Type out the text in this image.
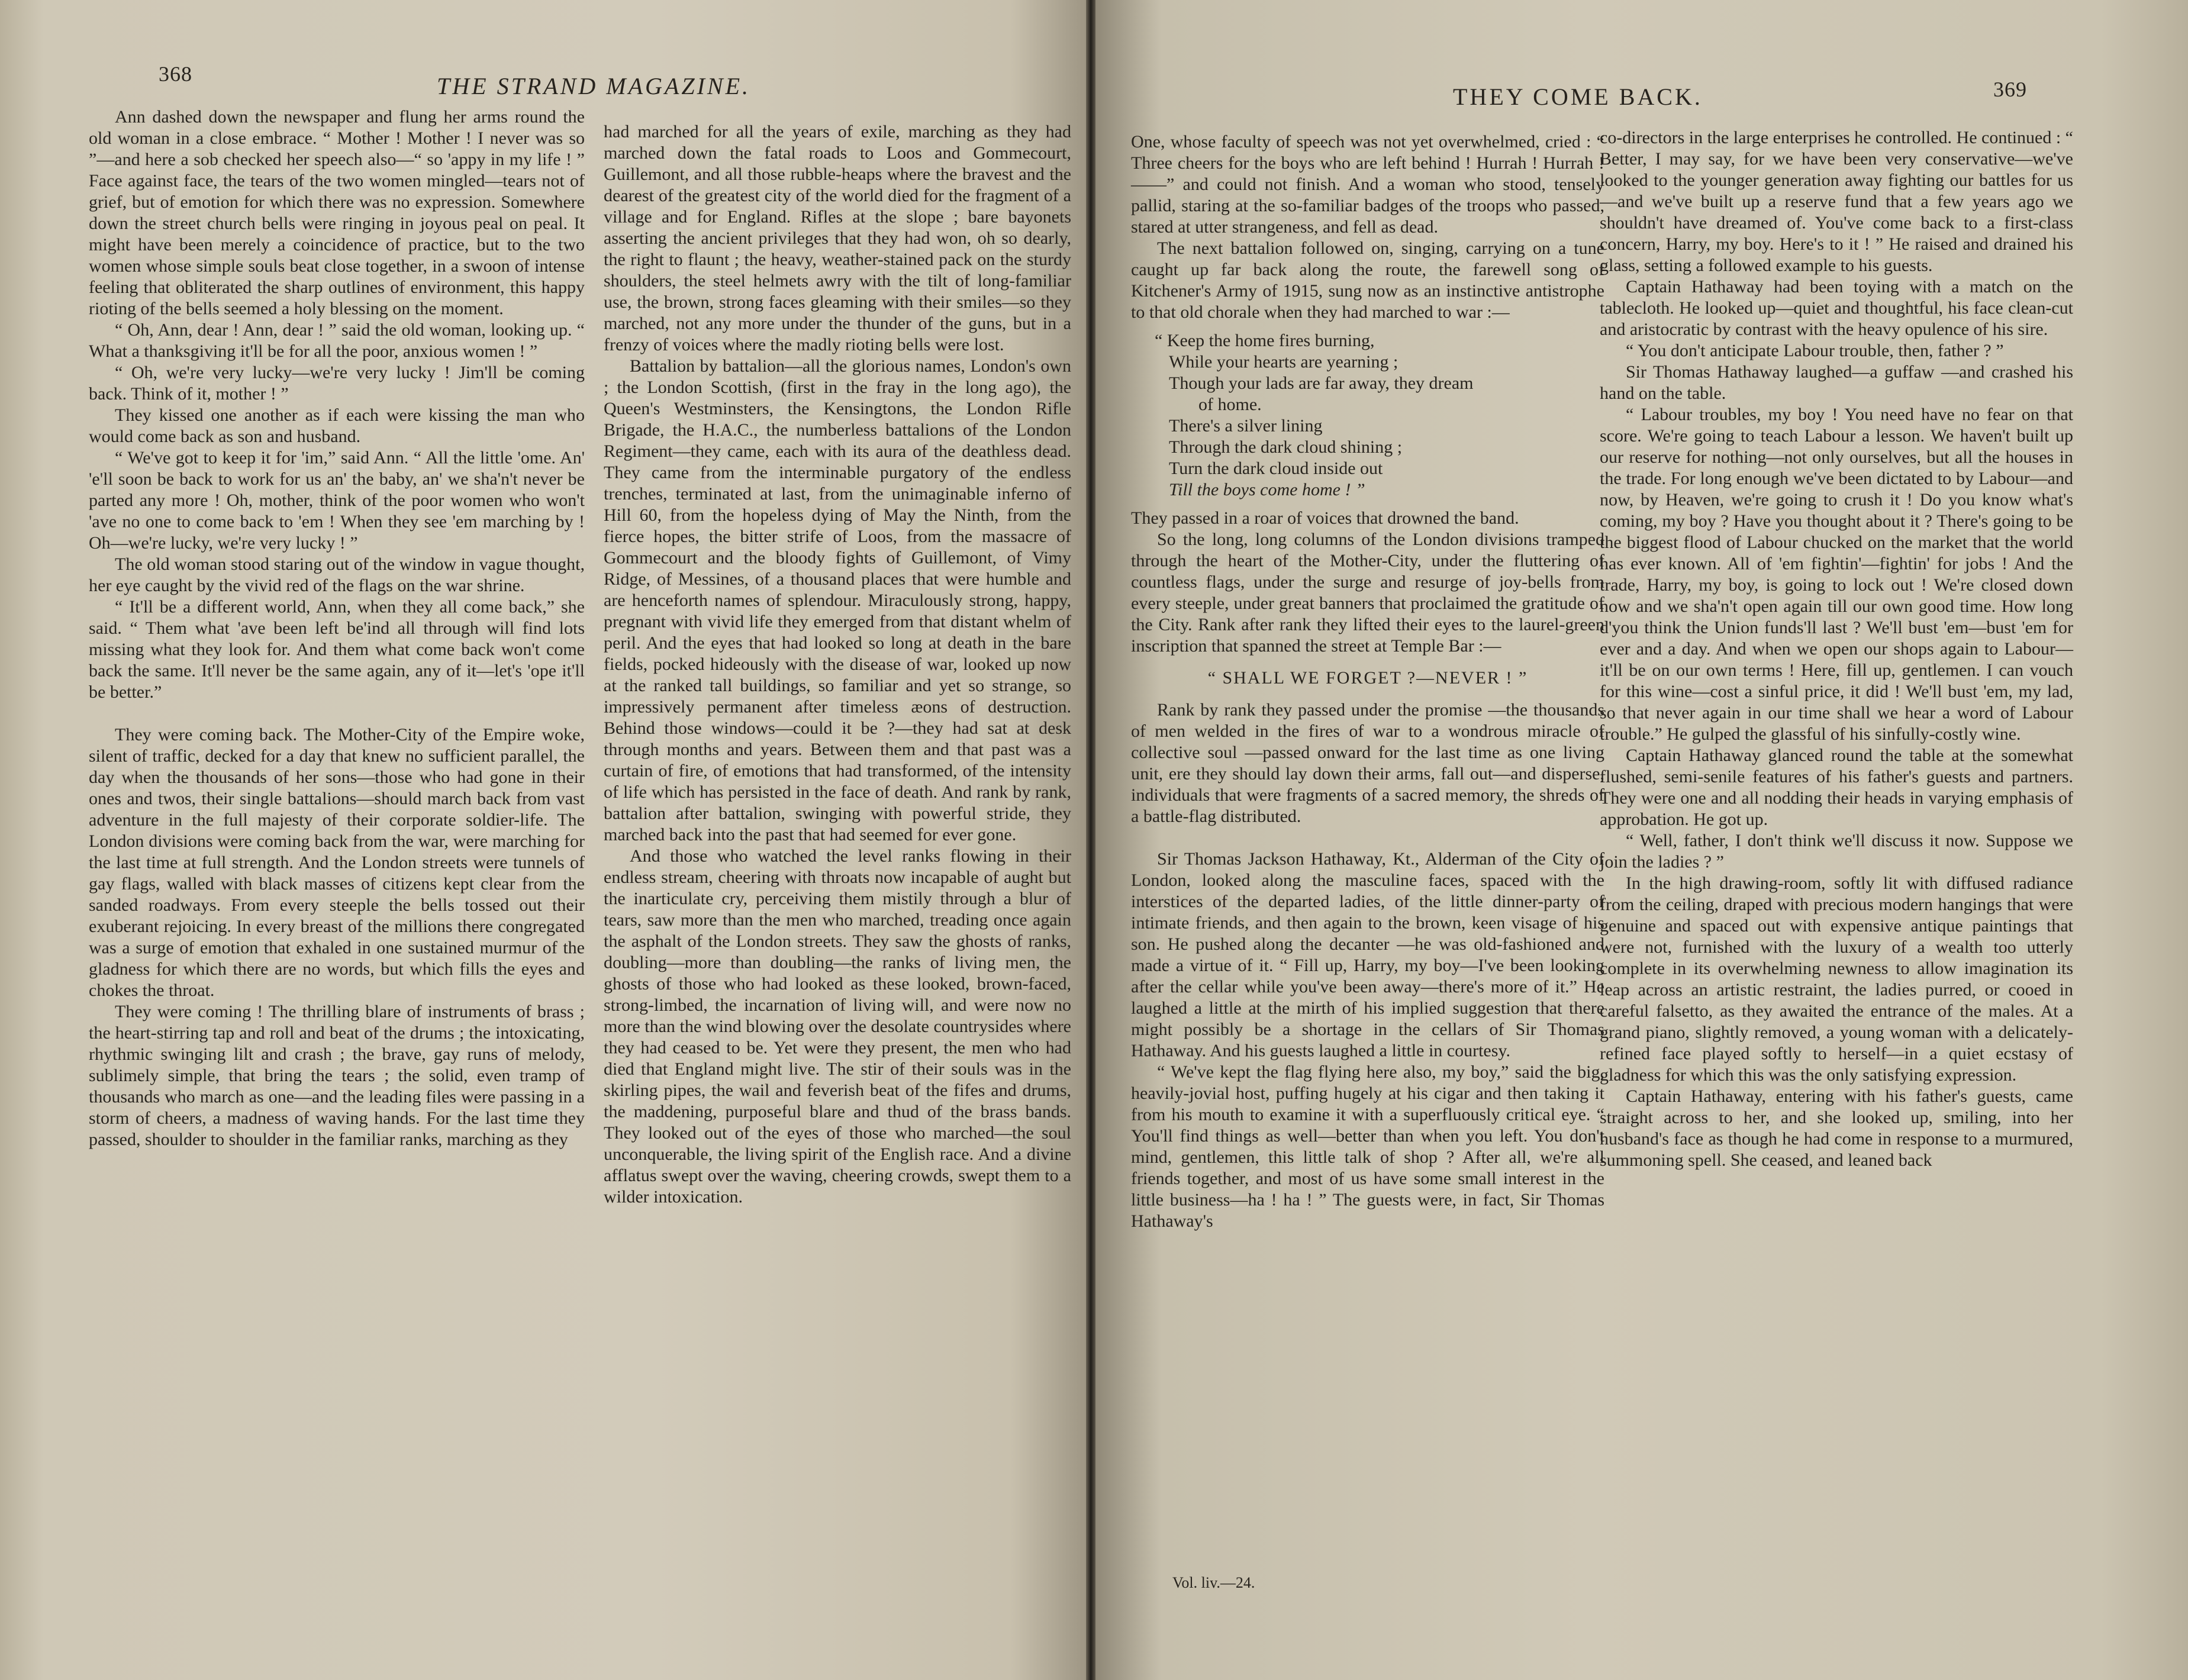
368	THE STRAND MAGAZINE.

Ann dashed down the newspaper and flung her arms round the old woman in a close embrace. “ Mother ! Mother ! I never was so ”—and here a sob checked her speech also—“ so 'appy in my life ! ” Face against face, the tears of the two women mingled—tears not of grief, but of emotion for which there was no expression. Somewhere down the street church bells were ringing in joyous peal on peal. It might have been merely a coincidence of practice, but to the two women whose simple souls beat close together, in a swoon of intense feeling that obliterated the sharp outlines of environment, this happy rioting of the bells seemed a holy blessing on the moment.

“ Oh, Ann, dear ! Ann, dear ! ” said the old woman, looking up. “ What a thanksgiving it'll be for all the poor, anxious women ! ”

“ Oh, we're very lucky—we're very lucky ! Jim'll be coming back. Think of it, mother ! ”

They kissed one another as if each were kissing the man who would come back as son and husband.

“ We've got to keep it for 'im,” said Ann. “ All the little 'ome. An' 'e'll soon be back to work for us an' the baby, an' we sha'n't never be parted any more ! Oh, mother, think of the poor women who won't 'ave no one to come back to 'em ! When they see 'em marching by ! Oh—we're lucky, we're very lucky ! ”

The old woman stood staring out of the window in vague thought, her eye caught by the vivid red of the flags on the war shrine.

“ It'll be a different world, Ann, when they all come back,” she said. “ Them what 'ave been left be'ind all through will find lots missing what they look for. And them what come back won't come back the same. It'll never be the same again, any of it—let's 'ope it'll be better.”

They were coming back. The Mother-City of the Empire woke, silent of traffic, decked for a day that knew no sufficient parallel, the day when the thousands of her sons—those who had gone in their ones and twos, their single battalions—should march back from vast adventure in the full majesty of their corporate soldier-life. The London divisions were coming back from the war, were marching for the last time at full strength. And the London streets were tunnels of gay flags, walled with black masses of citizens kept clear from the sanded roadways. From every steeple the bells tossed out their exuberant rejoicing. In every breast of the millions there congregated was a surge of emotion that exhaled in one sustained murmur of the gladness for which there are no words, but which fills the eyes and chokes the throat.

They were coming ! The thrilling blare of instruments of brass ; the heart-stirring tap and roll and beat of the drums ; the intoxicating, rhythmic swinging lilt and crash ; the brave, gay runs of melody, sublimely simple, that bring the tears ; the solid, even tramp of thousands who march as one—and the leading files were passing in a storm of cheers, a madness of waving hands. For the last time they passed, shoulder to shoulder in the familiar ranks, marching as they

had marched for all the years of exile, marching as they had marched down the fatal roads to Loos and Gommecourt, Guillemont, and all those rubble-heaps where the bravest and the dearest of the greatest city of the world died for the fragment of a village and for England. Rifles at the slope ; bare bayonets asserting the ancient privileges that they had won, oh so dearly, the right to flaunt ; the heavy, weather-stained pack on the sturdy shoulders, the steel helmets awry with the tilt of long-familiar use, the brown, strong faces gleaming with their smiles—so they marched, not any more under the thunder of the guns, but in a frenzy of voices where the madly rioting bells were lost.

Battalion by battalion—all the glorious names, London's own ; the London Scottish, (first in the fray in the long ago), the Queen's Westminsters, the Kensingtons, the London Rifle Brigade, the H.A.C., the numberless battalions of the London Regiment—they came, each with its aura of the deathless dead. They came from the interminable purgatory of the endless trenches, terminated at last, from the unimaginable inferno of Hill 60, from the hopeless dying of May the Ninth, from the fierce hopes, the bitter strife of Loos, from the massacre of Gommecourt and the bloody fights of Guillemont, of Vimy Ridge, of Messines, of a thousand places that were humble and are henceforth names of splendour. Miraculously strong, happy, pregnant with vivid life they emerged from that distant whelm of peril. And the eyes that had looked so long at death in the bare fields, pocked hideously with the disease of war, looked up now at the ranked tall buildings, so familiar and yet so strange, so impressively permanent after timeless æons of destruction. Behind those windows—could it be ?—they had sat at desk through months and years. Between them and that past was a curtain of fire, of emotions that had transformed, of the intensity of life which has persisted in the face of death. And rank by rank, battalion after battalion, swinging with powerful stride, they marched back into the past that had seemed for ever gone.

And those who watched the level ranks flowing in their endless stream, cheering with throats now incapable of aught but the inarticulate cry, perceiving them mistily through a blur of tears, saw more than the men who marched, treading once again the asphalt of the London streets. They saw the ghosts of ranks, doubling—more than doubling—the ranks of living men, the ghosts of those who had looked as these looked, brown-faced, strong-limbed, the incarnation of living will, and were now no more than the wind blowing over the desolate countrysides where they had ceased to be. Yet were they present, the men who had died that England might live. The stir of their souls was in the skirling pipes, the wail and feverish beat of the fifes and drums, the maddening, purposeful blare and thud of the brass bands. They looked out of the eyes of those who marched—the soul unconquerable, the living spirit of the English race. And a divine afflatus swept over the waving, cheering crowds, swept them to a wilder intoxication.

THEY COME BACK.	369

One, whose faculty of speech was not yet overwhelmed, cried : “ Three cheers for the boys who are left behind ! Hurrah ! Hurrah !——” and could not finish. And a woman who stood, tensely pallid, staring at the so-familiar badges of the troops who passed, stared at utter strangeness, and fell as dead.

The next battalion followed on, singing, carrying on a tune caught up far back along the route, the farewell song of Kitchener's Army of 1915, sung now as an instinctive antistrophe to that old chorale when they had marched to war :—

“ Keep the home fires burning,
While your hearts are yearning ;
Though your lads are far away, they dream
of home.
There's a silver lining
Through the dark cloud shining ;
Turn the dark cloud inside out
Till the boys come home ! ”

They passed in a roar of voices that drowned the band.

So the long, long columns of the London divisions tramped through the heart of the Mother-City, under the fluttering of countless flags, under the surge and resurge of joy-bells from every steeple, under great banners that proclaimed the gratitude of the City. Rank after rank they lifted their eyes to the laurel-green inscription that spanned the street at Temple Bar :—

“ SHALL WE FORGET ?—NEVER ! ”

Rank by rank they passed under the promise —the thousands of men welded in the fires of war to a wondrous miracle of collective soul —passed onward for the last time as one living unit, ere they should lay down their arms, fall out—and disperse, individuals that were fragments of a sacred memory, the shreds of a battle-flag distributed.

Sir Thomas Jackson Hathaway, Kt., Alderman of the City of London, looked along the masculine faces, spaced with the interstices of the departed ladies, of the little dinner-party of intimate friends, and then again to the brown, keen visage of his son. He pushed along the decanter —he was old-fashioned and made a virtue of it. “ Fill up, Harry, my boy—I've been looking after the cellar while you've been away—there's more of it.” He laughed a little at the mirth of his implied suggestion that there might possibly be a shortage in the cellars of Sir Thomas Hathaway. And his guests laughed a little in courtesy.

“ We've kept the flag flying here also, my boy,” said the big, heavily-jovial host, puffing hugely at his cigar and then taking it from his mouth to examine it with a superfluously critical eye. “ You'll find things as well—better than when you left. You don't mind, gentlemen, this little talk of shop ? After all, we're all friends together, and most of us have some small interest in the little business—ha ! ha ! ” The guests were, in fact, Sir Thomas Hathaway's

co-directors in the large enterprises he controlled. He continued : “ Better, I may say, for we have been very conservative—we've looked to the younger generation away fighting our battles for us—and we've built up a reserve fund that a few years ago we shouldn't have dreamed of. You've come back to a first-class concern, Harry, my boy. Here's to it ! ” He raised and drained his glass, setting a followed example to his guests.

Captain Hathaway had been toying with a match on the tablecloth. He looked up—quiet and thoughtful, his face clean-cut and aristocratic by contrast with the heavy opulence of his sire.

“ You don't anticipate Labour trouble, then, father ? ”

Sir Thomas Hathaway laughed—a guffaw —and crashed his hand on the table.

“ Labour troubles, my boy ! You need have no fear on that score. We're going to teach Labour a lesson. We haven't built up our reserve for nothing—not only ourselves, but all the houses in the trade. For long enough we've been dictated to by Labour—and now, by Heaven, we're going to crush it ! Do you know what's coming, my boy ? Have you thought about it ? There's going to be the biggest flood of Labour chucked on the market that the world has ever known. All of 'em fightin'—fightin' for jobs ! And the trade, Harry, my boy, is going to lock out ! We're closed down now and we sha'n't open again till our own good time. How long d'you think the Union funds'll last ? We'll bust 'em—bust 'em for ever and a day. And when we open our shops again to Labour—it'll be on our own terms ! Here, fill up, gentlemen. I can vouch for this wine—cost a sinful price, it did ! We'll bust 'em, my lad, so that never again in our time shall we hear a word of Labour trouble.” He gulped the glassful of his sinfully-costly wine.

Captain Hathaway glanced round the table at the somewhat flushed, semi-senile features of his father's guests and partners. They were one and all nodding their heads in varying emphasis of approbation. He got up.

“ Well, father, I don't think we'll discuss it now. Suppose we join the ladies ? ”

In the high drawing-room, softly lit with diffused radiance from the ceiling, draped with precious modern hangings that were genuine and spaced out with expensive antique paintings that were not, furnished with the luxury of a wealth too utterly complete in its overwhelming newness to allow imagination its leap across an artistic restraint, the ladies purred, or cooed in careful falsetto, as they awaited the entrance of the males. At a grand piano, slightly removed, a young woman with a delicately-refined face played softly to herself—in a quiet ecstasy of gladness for which this was the only satisfying expression.

Captain Hathaway, entering with his father's guests, came straight across to her, and she looked up, smiling, into her husband's face as though he had come in response to a murmured, summoning spell. She ceased, and leaned back

Vol. liv.—24.
